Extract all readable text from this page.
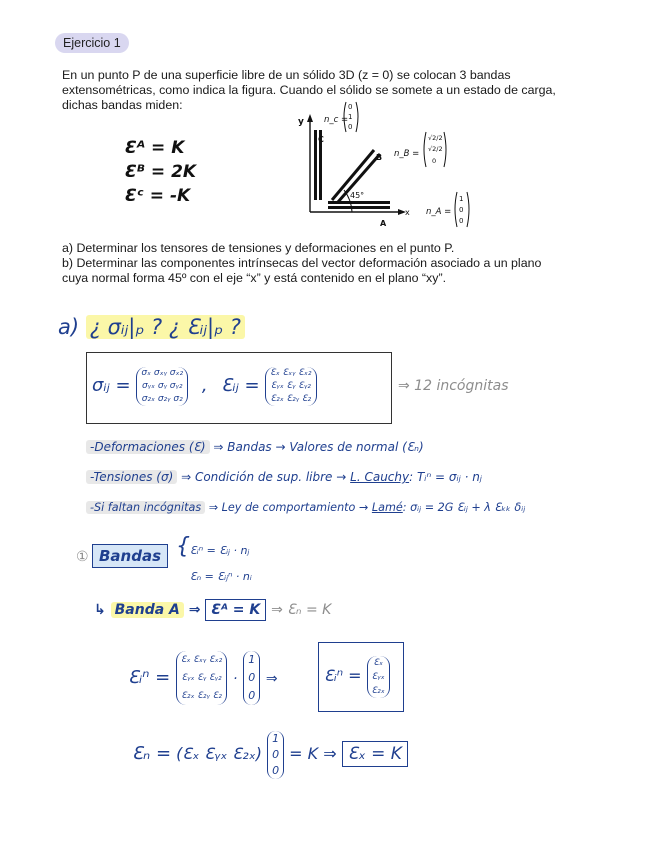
Ejercicio 1
En un punto P de una superficie libre de un sólido 3D (z = 0) se colocan 3 bandas
extensométricas, como indica la figura. Cuando el sólido se somete a un estado de carga,
dichas bandas miden:
Ɛᴬ = K
Ɛᴮ = 2K
Ɛᶜ = -K	45°
y
x
C
B
A
n_c =
0
1
0
n_B =
√2/2
√2/2
0
n_A =
1
0
0
a) Determinar los tensores de tensiones y deformaciones en el punto P.
b) Determinar las componentes intrínsecas del vector deformación asociado a un plano
cuya normal forma 45º con el eje “x” y está contenido en el plano “xy”.
a) ¿ σᵢⱼ|ₚ ? ¿ Ɛᵢⱼ|ₚ ?
σᵢⱼ =
σₓ σₓᵧ σₓ₂
σᵧₓ σᵧ σᵧ₂
σ₂ₓ σ₂ᵧ σ₂
, Ɛᵢⱼ =
Ɛₓ Ɛₓᵧ Ɛₓ₂
Ɛᵧₓ Ɛᵧ Ɛᵧ₂
Ɛ₂ₓ Ɛ₂ᵧ Ɛ₂
⇒ 12 incógnitas
-Deformaciones (Ɛ) ⇒ Bandas → Valores de normal (Ɛₙ)
-Tensiones (σ) ⇒ Condición de sup. libre → L. Cauchy: Tᵢⁿ = σᵢⱼ · nⱼ
-Si faltan incógnitas ⇒ Ley de comportamiento → Lamé: σᵢⱼ = 2G Ɛᵢⱼ + λ Ɛₖₖ δᵢⱼ
① Bandas { Ɛᵢⁿ = Ɛᵢⱼ · nⱼ
Ɛₙ = Ɛᵢⱼⁿ · nᵢ
↳ Banda A ⇒ Ɛᴬ = K ⇒ Ɛₙ = K
Ɛᵢⁿ =
Ɛₓ Ɛₓᵧ Ɛₓ₂
Ɛᵧₓ Ɛᵧ Ɛᵧ₂
Ɛ₂ₓ Ɛ₂ᵧ Ɛ₂
·
1
0
0
⇒	Ɛᵢⁿ =
Ɛₓ
Ɛᵧₓ
Ɛ₂ₓ
Ɛₙ = (Ɛₓ Ɛᵧₓ Ɛ₂ₓ)
1
0
0
= K ⇒ Ɛₓ = K
